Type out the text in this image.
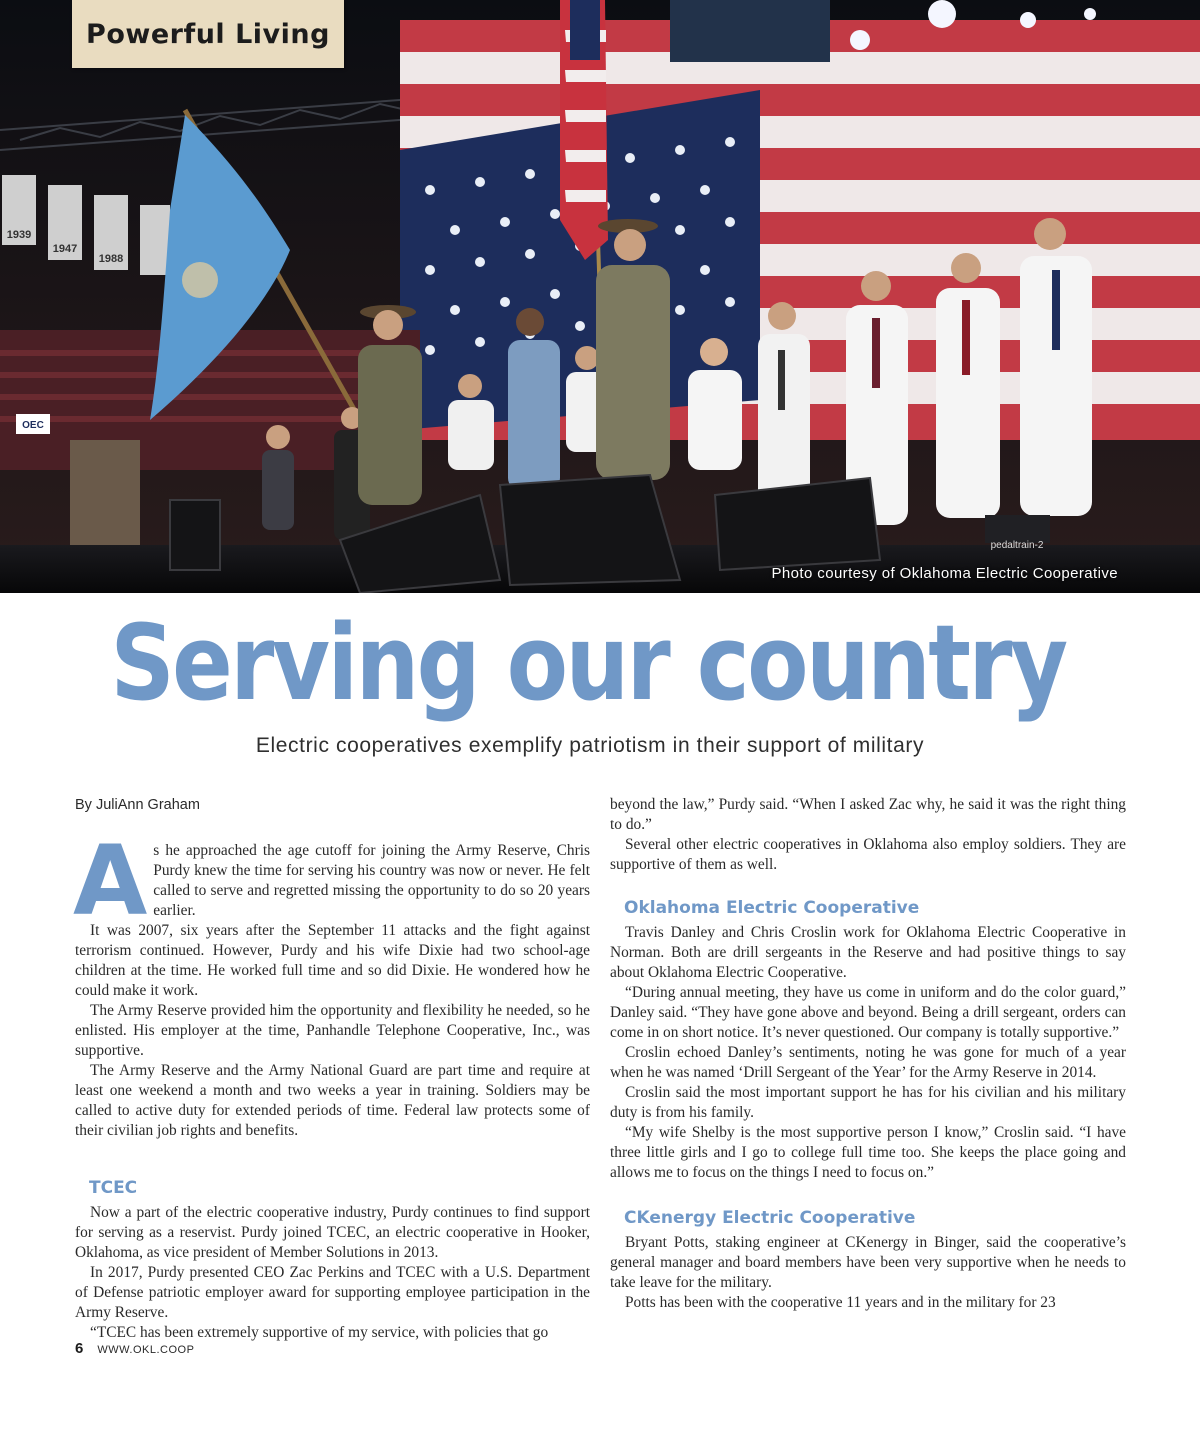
1939
1947
1988
OEC
pedaltrain-2
Powerful Living
Photo courtesy of Oklahoma Electric Cooperative
Serving our country
Electric cooperatives exemplify patriotism in their support of military
By JuliAnn Graham
A s he approached the age cutoff for joining the Army Reserve, Chris Purdy knew the time for serving his country was now or never. He felt called to serve and regretted missing the opportunity to do so 20 years earlier.

It was 2007, six years after the September 11 attacks and the fight against terrorism continued. However, Purdy and his wife Dixie had two school-age children at the time. He worked full time and so did Dixie. He wondered how he could make it work.

The Army Reserve provided him the opportunity and flexibility he needed, so he enlisted. His employer at the time, Panhandle Telephone Cooperative, Inc., was supportive.

The Army Reserve and the Army National Guard are part time and require at least one weekend a month and two weeks a year in training. Soldiers may be called to active duty for extended periods of time. Federal law protects some of their civilian job rights and benefits.

TCEC

Now a part of the electric cooperative industry, Purdy continues to find support for serving as a reservist. Purdy joined TCEC, an electric cooperative in Hooker, Oklahoma, as vice president of Member Solutions in 2013.

In 2017, Purdy presented CEO Zac Perkins and TCEC with a U.S. Department of Defense patriotic employer award for supporting employee participation in the Army Reserve.

“TCEC has been extremely supportive of my service, with policies that go

beyond the law,” Purdy said. “When I asked Zac why, he said it was the right thing to do.”

Several other electric cooperatives in Oklahoma also employ soldiers. They are supportive of them as well.

Oklahoma Electric Cooperative

Travis Danley and Chris Croslin work for Oklahoma Electric Cooperative in Norman. Both are drill sergeants in the Reserve and had positive things to say about Oklahoma Electric Cooperative.

“During annual meeting, they have us come in uniform and do the color guard,” Danley said. “They have gone above and beyond. Being a drill sergeant, orders can come in on short notice. It’s never questioned. Our company is totally supportive.”

Croslin echoed Danley’s sentiments, noting he was gone for much of a year when he was named ‘Drill Sergeant of the Year’ for the Army Reserve in 2014.

Croslin said the most important support he has for his civilian and his military duty is from his family.

“My wife Shelby is the most supportive person I know,” Croslin said. “I have three little girls and I go to college full time too. She keeps the place going and allows me to focus on the things I need to focus on.”

CKenergy Electric Cooperative

Bryant Potts, staking engineer at CKenergy in Binger, said the cooperative’s general manager and board members have been very supportive when he needs to take leave for the military.

Potts has been with the cooperative 11 years and in the military for 23

6 WWW.OKL.COOP
